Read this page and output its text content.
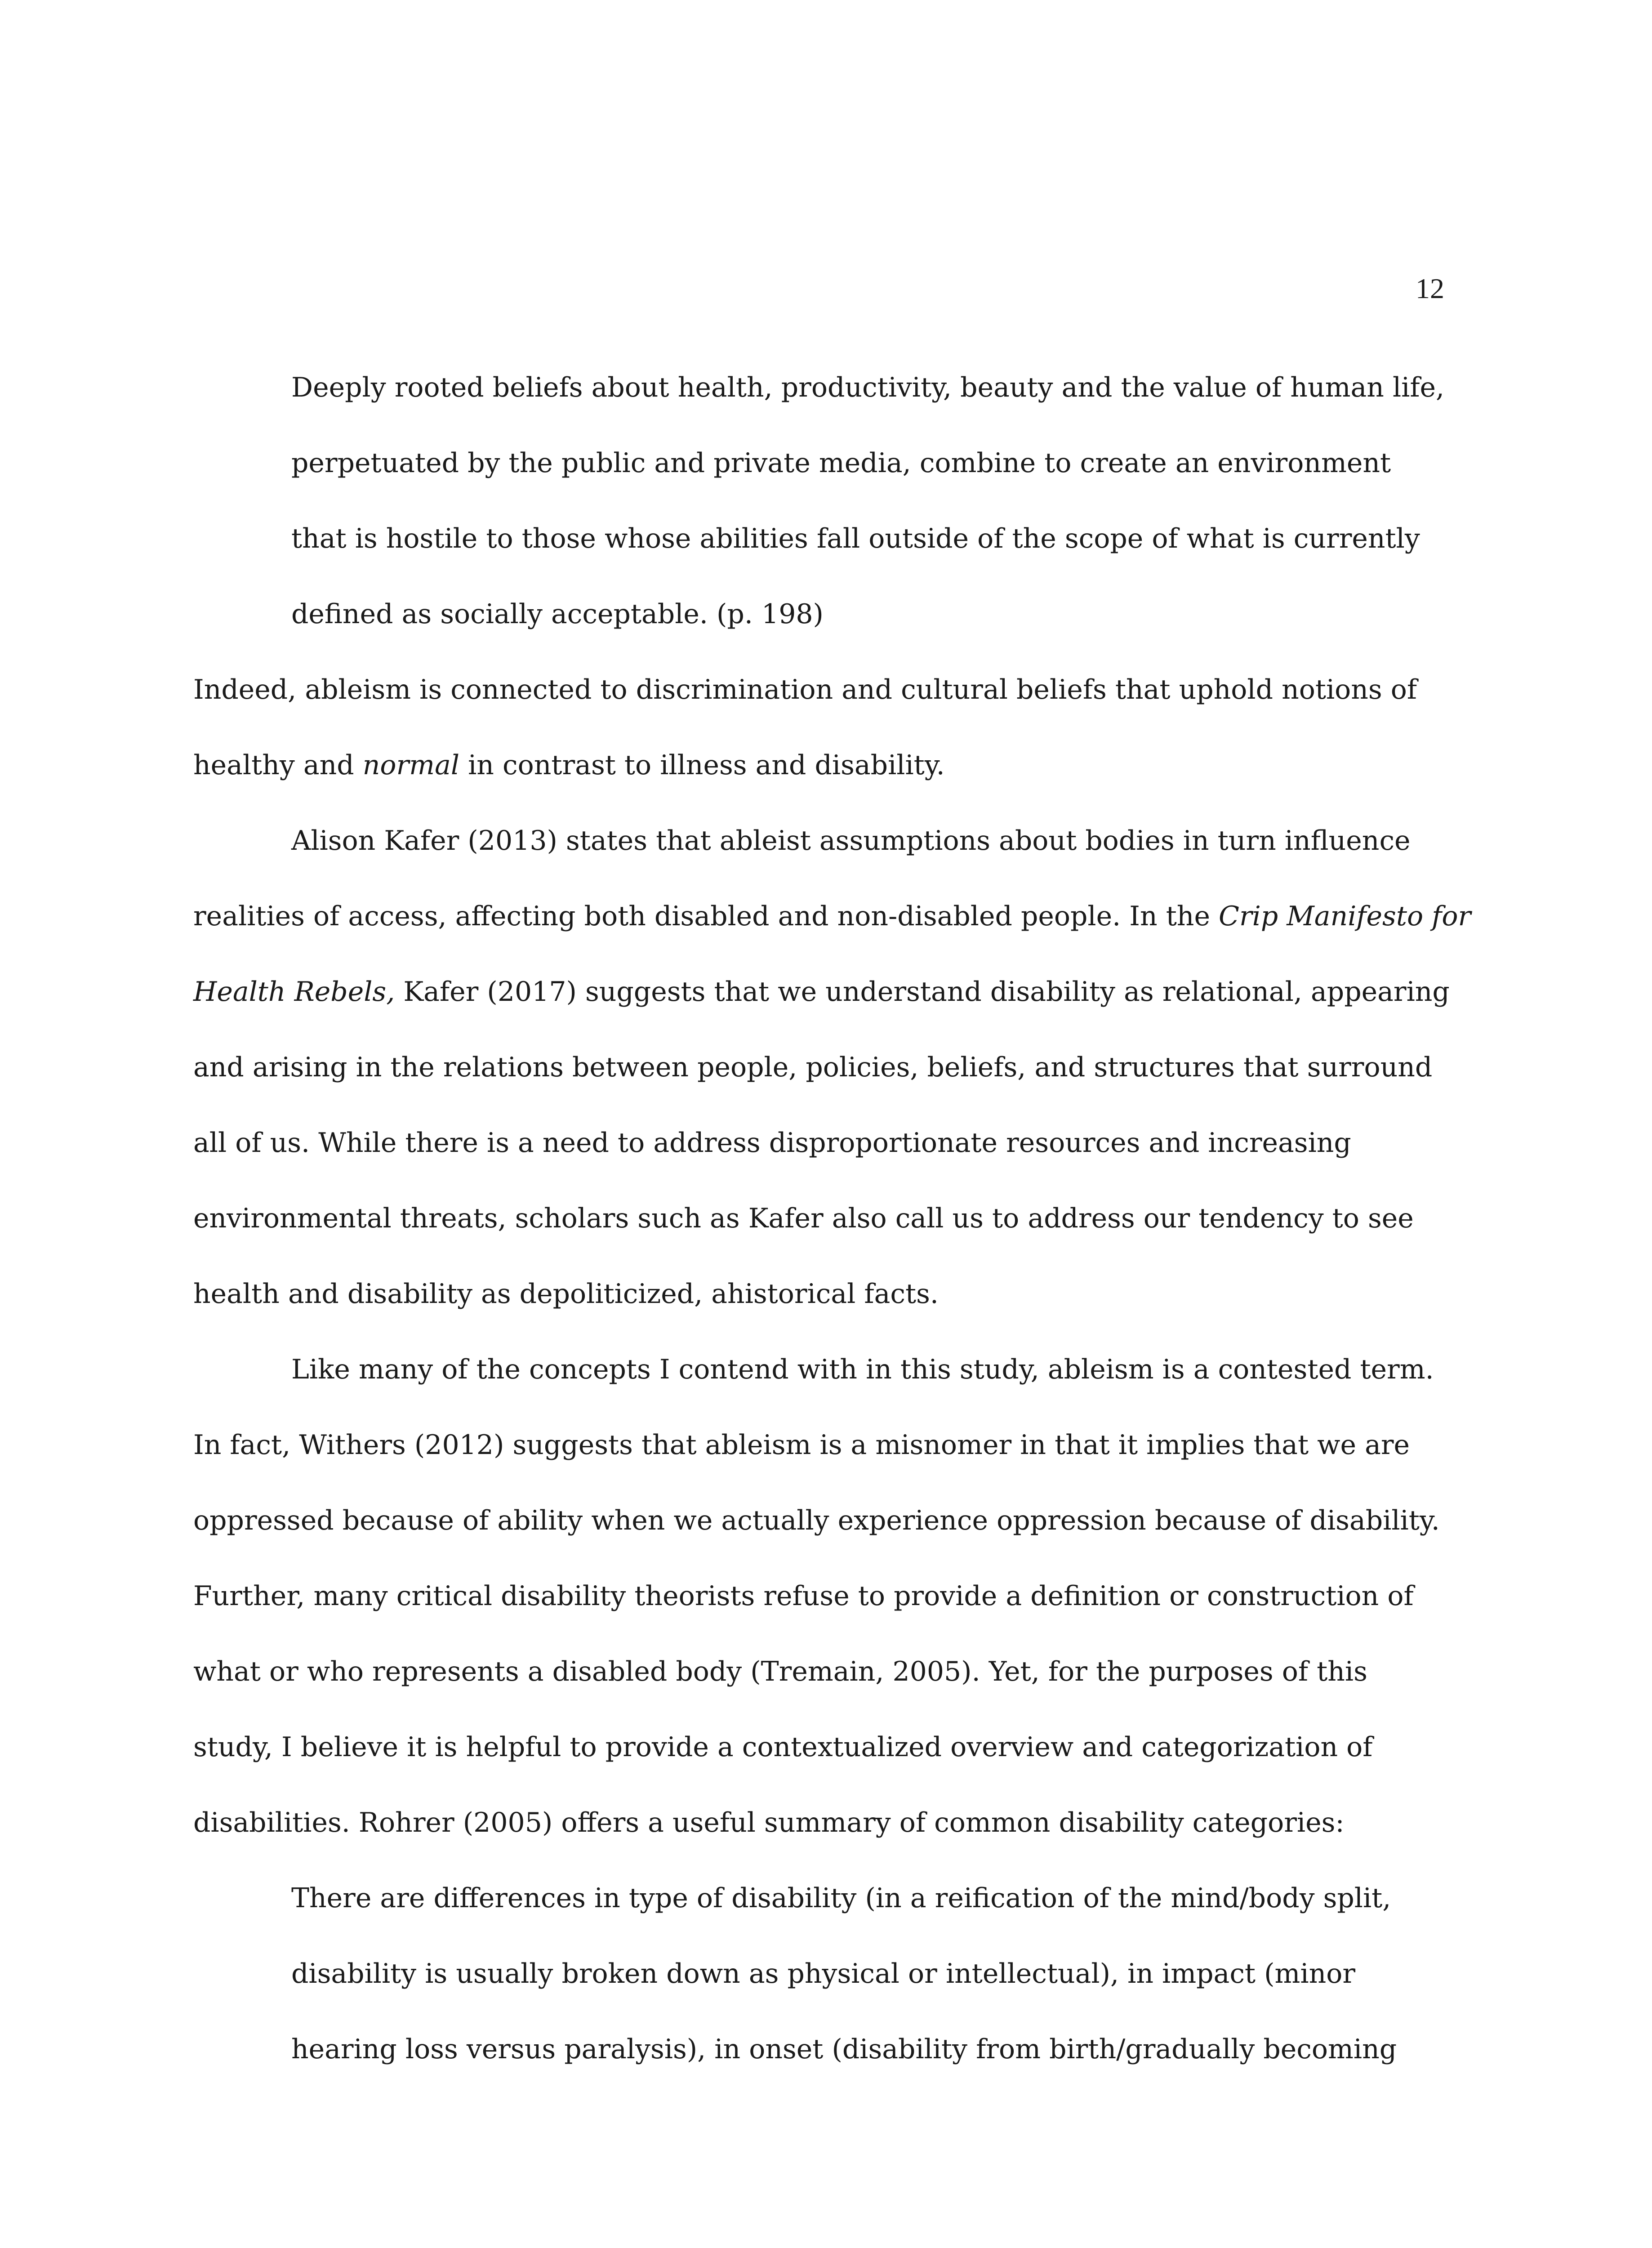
12
Deeply rooted beliefs about health, productivity, beauty and the value of human life,
perpetuated by the public and private media, combine to create an environment
that is hostile to those whose abilities fall outside of the scope of what is currently
defined as socially acceptable. (p. 198)
Indeed, ableism is connected to discrimination and cultural beliefs that uphold notions of
healthy and normal in contrast to illness and disability.
Alison Kafer (2013) states that ableist assumptions about bodies in turn influence
realities of access, affecting both disabled and non-disabled people. In the Crip Manifesto for
Health Rebels, Kafer (2017) suggests that we understand disability as relational, appearing
and arising in the relations between people, policies, beliefs, and structures that surround
all of us. While there is a need to address disproportionate resources and increasing
environmental threats, scholars such as Kafer also call us to address our tendency to see
health and disability as depoliticized, ahistorical facts.
Like many of the concepts I contend with in this study, ableism is a contested term.
In fact, Withers (2012) suggests that ableism is a misnomer in that it implies that we are
oppressed because of ability when we actually experience oppression because of disability.
Further, many critical disability theorists refuse to provide a definition or construction of
what or who represents a disabled body (Tremain, 2005). Yet, for the purposes of this
study, I believe it is helpful to provide a contextualized overview and categorization of
disabilities. Rohrer (2005) offers a useful summary of common disability categories:
There are differences in type of disability (in a reification of the mind/body split,
disability is usually broken down as physical or intellectual), in impact (minor
hearing loss versus paralysis), in onset (disability from birth/gradually becoming
